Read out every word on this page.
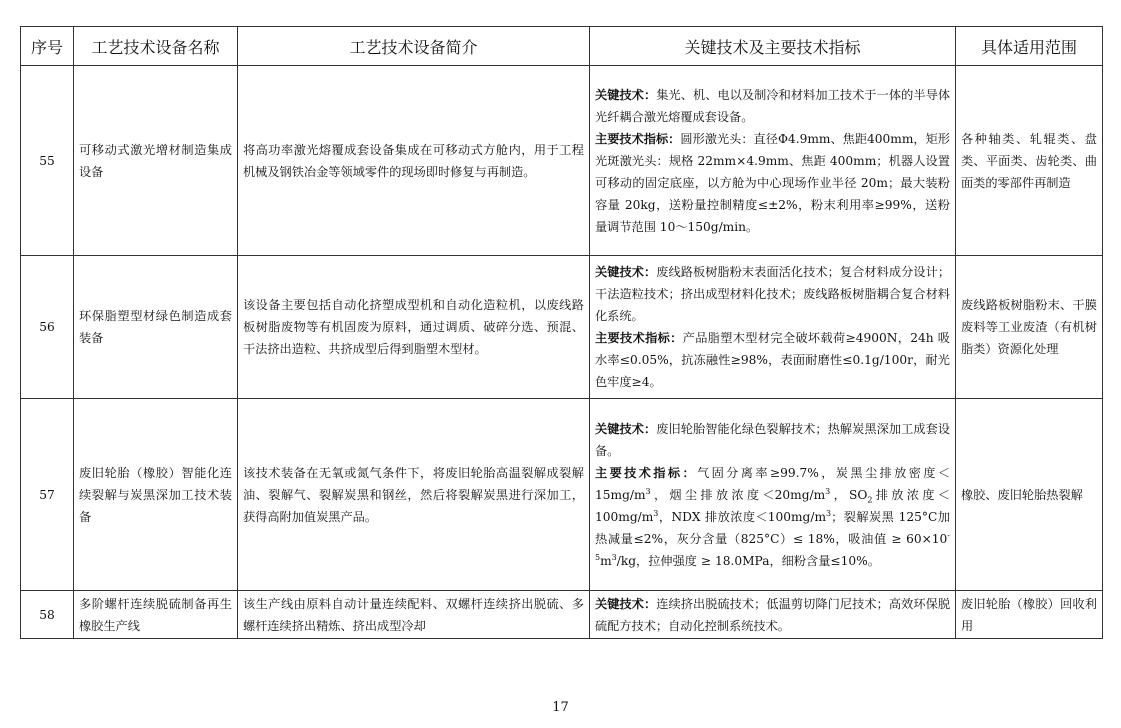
序号	工艺技术设备名称	工艺技术设备简介	关键技术及主要技术指标	具体适用范围
55	可移动式激光增材制造集成设备	将高功率激光熔覆成套设备集成在可移动式方舱内，用于工程机械及钢铁冶金等领域零件的现场即时修复与再制造。	关键技术：集光、机、电以及制冷和材料加工技术于一体的半导体光纤耦合激光熔覆成套设备。
主要技术指标：圆形激光头：直径Φ4.9mm、焦距400mm，矩形光斑激光头：规格 22mm×4.9mm、焦距 400mm；机器人设置可移动的固定底座，以方舱为中心现场作业半径 20m；最大装粉容量 20kg，送粉量控制精度≤±2%，粉末利用率≥99%，送粉量调节范围 10～150g/min。	各种轴类、轧辊类、盘类、平面类、齿轮类、曲面类的零部件再制造
56	环保脂塑型材绿色制造成套装备	该设备主要包括自动化挤塑成型机和自动化造粒机，以废线路板树脂废物等有机固废为原料，通过调质、破碎分选、预混、干法挤出造粒、共挤成型后得到脂塑木型材。	关键技术：废线路板树脂粉末表面活化技术；复合材料成分设计；干法造粒技术；挤出成型材料化技术；废线路板树脂耦合复合材料化系统。
主要技术指标：产品脂塑木型材完全破坏载荷≥4900N，24h 吸水率≤0.05%，抗冻融性≥98%，表面耐磨性≤0.1g/100r，耐光色牢度≥4。	废线路板树脂粉末、干膜废料等工业废渣（有机树脂类）资源化处理
57	废旧轮胎（橡胶）智能化连续裂解与炭黑深加工技术装备	该技术装备在无氧或氮气条件下，将废旧轮胎高温裂解成裂解油、裂解气、裂解炭黑和钢丝，然后将裂解炭黑进行深加工，获得高附加值炭黑产品。	关键技术：废旧轮胎智能化绿色裂解技术；热解炭黑深加工成套设备。
主要技术指标：气固分离率≥99.7%，炭黑尘排放密度$<15mg/m^3$，烟尘排放浓度$<20mg/m^3$，$SO_2$排放浓度$<100mg/m^3$，NDX 排放浓度$<100mg/m^3$；裂解炭黑 125°C加热减量≤2%，灰分含量（825°C）≤ 18%，吸油值 ≥ $60\times 10^{-5}m^3/kg$，拉伸强度 ≥ 18.0MPa，细粉含量≤10%。	橡胶、废旧轮胎热裂解
58	多阶螺杆连续脱硫制备再生橡胶生产线	该生产线由原料自动计量连续配料、双螺杆连续挤出脱硫、多螺杆连续挤出精炼、挤出成型冷却	关键技术：连续挤出脱硫技术；低温剪切降门尼技术；高效环保脱硫配方技术；自动化控制系统技术。	废旧轮胎（橡胶）回收利用
17
